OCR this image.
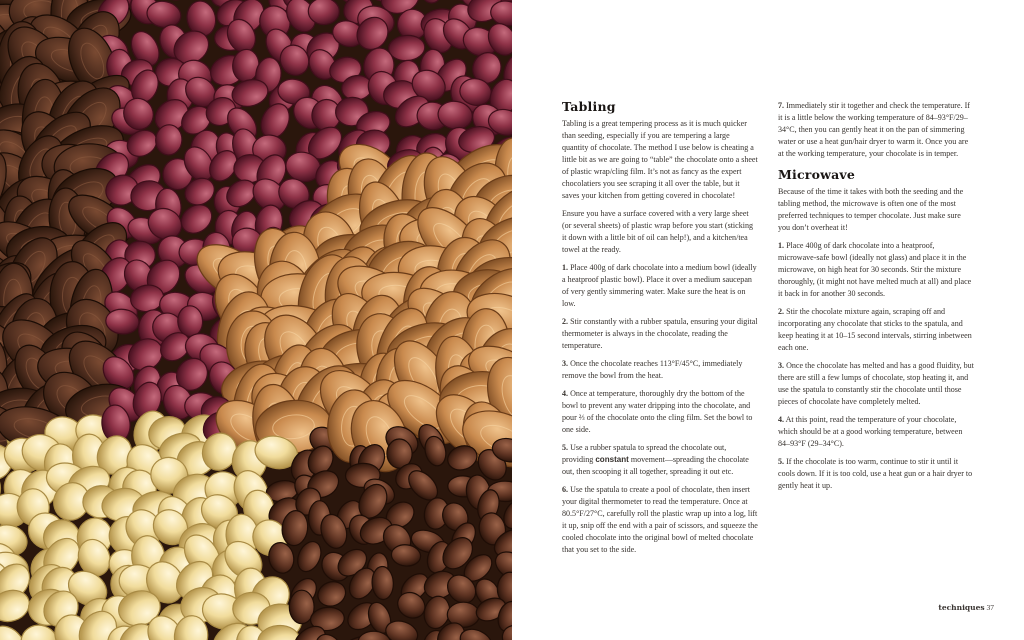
Tabling

Tabling is a great tempering process as it is much quicker than seeding, especially if you are tempering a large quantity of chocolate. The method I use below is cheating a little bit as we are going to “table” the chocolate onto a sheet of plastic wrap/cling film. It’s not as fancy as the expert chocolatiers you see scraping it all over the table, but it saves your kitchen from getting covered in chocolate!

Ensure you have a surface covered with a very large sheet (or several sheets) of plastic wrap before you start (sticking it down with a little bit of oil can help!), and a kitchen/tea towel at the ready.

1. Place 400g of dark chocolate into a medium bowl (ideally a heatproof plastic bowl). Place it over a medium saucepan of very gently simmering water. Make sure the heat is on low.
2. Stir constantly with a rubber spatula, ensuring your digital thermometer is always in the chocolate, reading the temperature.
3. Once the chocolate reaches 113°F/45°C, immediately remove the bowl from the heat.
4. Once at temperature, thoroughly dry the bottom of the bowl to prevent any water dripping into the chocolate, and pour ⅔ of the chocolate onto the cling film. Set the bowl to one side.
5. Use a rubber spatula to spread the chocolate out, providing constant movement—spreading the chocolate out, then scooping it all together, spreading it out etc.
6. Use the spatula to create a pool of chocolate, then insert your digital thermometer to read the temperature. Once at 80.5°F/27°C, carefully roll the plastic wrap up into a log, lift it up, snip off the end with a pair of scissors, and squeeze the cooled chocolate into the original bowl of melted chocolate that you set to the side.
7. Immediately stir it together and check the temperature. If it is a little below the working temperature of 84–93°F/29–34°C, then you can gently heat it on the pan of simmering water or use a heat gun/hair dryer to warm it. Once you are at the working temperature, your chocolate is in temper.
Microwave

Because of the time it takes with both the seeding and the tabling method, the microwave is often one of the most preferred techniques to temper chocolate. Just make sure you don’t overheat it!

1. Place 400g of dark chocolate into a heatproof, microwave-safe bowl (ideally not glass) and place it in the microwave, on high heat for 30 seconds. Stir the mixture thoroughly, (it might not have melted much at all) and place it back in for another 30 seconds.
2. Stir the chocolate mixture again, scraping off and incorporating any chocolate that sticks to the spatula, and keep heating it at 10–15 second intervals, stirring inbetween each one.
3. Once the chocolate has melted and has a good fluidity, but there are still a few lumps of chocolate, stop heating it, and use the spatula to constantly stir the chocolate until those pieces of chocolate have completely melted.
4. At this point, read the temperature of your chocolate, which should be at a good working temperature, between 84–93°F (29–34°C).
5. If the chocolate is too warm, continue to stir it until it cools down. If it is too cold, use a heat gun or a hair dryer to gently heat it up.
techniques 37
